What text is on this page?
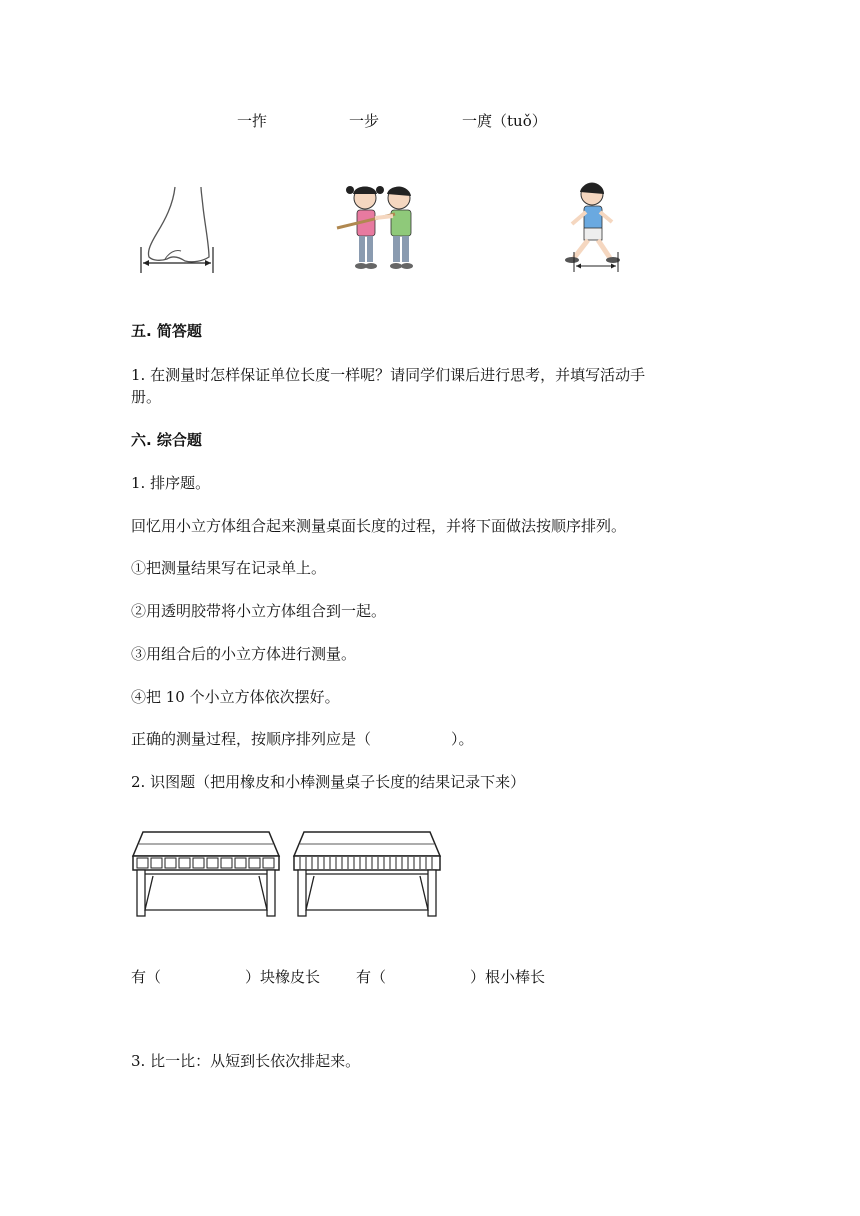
一拃	一步	一庹（tuǒ）
五. 简答题
1. 在测量时怎样保证单位长度一样呢？请同学们课后进行思考，并填写活动手
册。
六. 综合题
1. 排序题。
回忆用小立方体组合起来测量桌面长度的过程，并将下面做法按顺序排列。
①把测量结果写在记录单上。
②用透明胶带将小立方体组合到一起。
③用组合后的小立方体进行测量。
④把 10 个小立方体依次摆好。
正确的测量过程，按顺序排列应是（	）。
2. 识图题（把用橡皮和小棒测量桌子长度的结果记录下来）
有（	）块橡皮长 有（	）根小棒长
3. 比一比：从短到长依次排起来。
